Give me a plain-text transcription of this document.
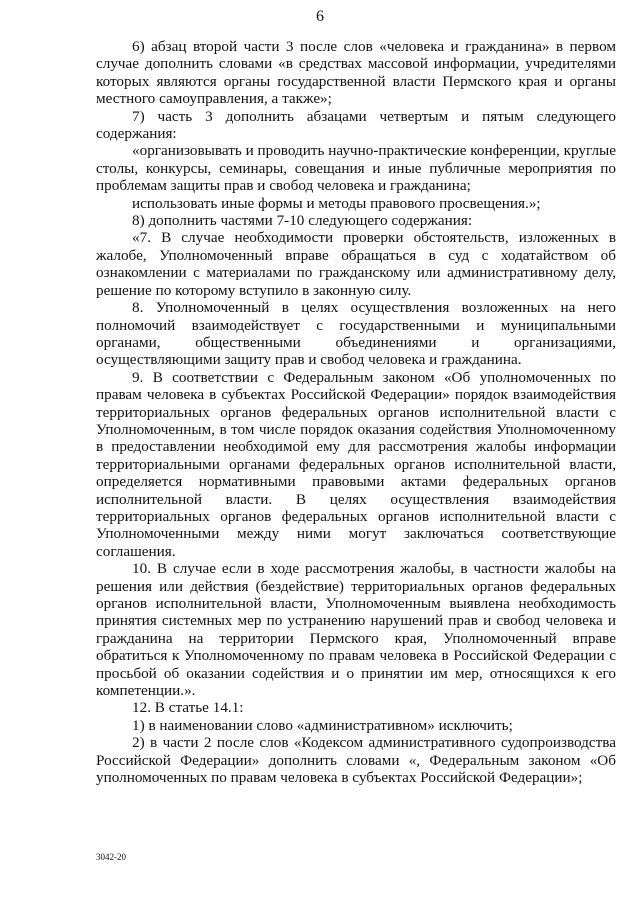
6

6) абзац второй части 3 после слов «человека и гражданина» в первом случае дополнить словами «в средствах массовой информации, учредителями которых являются органы государственной власти Пермского края и органы местного самоуправления, а также»;

7) часть 3 дополнить абзацами четвертым и пятым следующего содержания:

«организовывать и проводить научно-практические конференции, круглые столы, конкурсы, семинары, совещания и иные публичные мероприятия по проблемам защиты прав и свобод человека и гражданина;

использовать иные формы и методы правового просвещения.»;

8) дополнить частями 7-10 следующего содержания:

«7. В случае необходимости проверки обстоятельств, изложенных в жалобе, Уполномоченный вправе обращаться в суд с ходатайством об ознакомлении с материалами по гражданскому или административному делу, решение по которому вступило в законную силу.

8. Уполномоченный в целях осуществления возложенных на него полномочий взаимодействует с государственными и муниципальными органами, общественными объединениями и организациями, осуществляющими защиту прав и свобод человека и гражданина.

9. В соответствии с Федеральным законом «Об уполномоченных по правам человека в субъектах Российской Федерации» порядок взаимодействия территориальных органов федеральных органов исполнительной власти с Уполномоченным, в том числе порядок оказания содействия Уполномоченному в предоставлении необходимой ему для рассмотрения жалобы информации территориальными органами федеральных органов исполнительной власти, определяется нормативными правовыми актами федеральных органов исполнительной власти. В целях осуществления взаимодействия территориальных органов федеральных органов исполнительной власти с Уполномоченными между ними могут заключаться соответствующие соглашения.

10. В случае если в ходе рассмотрения жалобы, в частности жалобы на решения или действия (бездействие) территориальных органов федеральных органов исполнительной власти, Уполномоченным выявлена необходимость принятия системных мер по устранению нарушений прав и свобод человека и гражданина на территории Пермского края, Уполномоченный вправе обратиться к Уполномоченному по правам человека в Российской Федерации с просьбой об оказании содействия и о принятии им мер, относящихся к его компетенции.».

12. В статье 14.1:

1) в наименовании слово «административном» исключить;

2) в части 2 после слов «Кодексом административного судопроизводства Российской Федерации» дополнить словами «, Федеральным законом «Об уполномоченных по правам человека в субъектах Российской Федерации»;

3042-20
